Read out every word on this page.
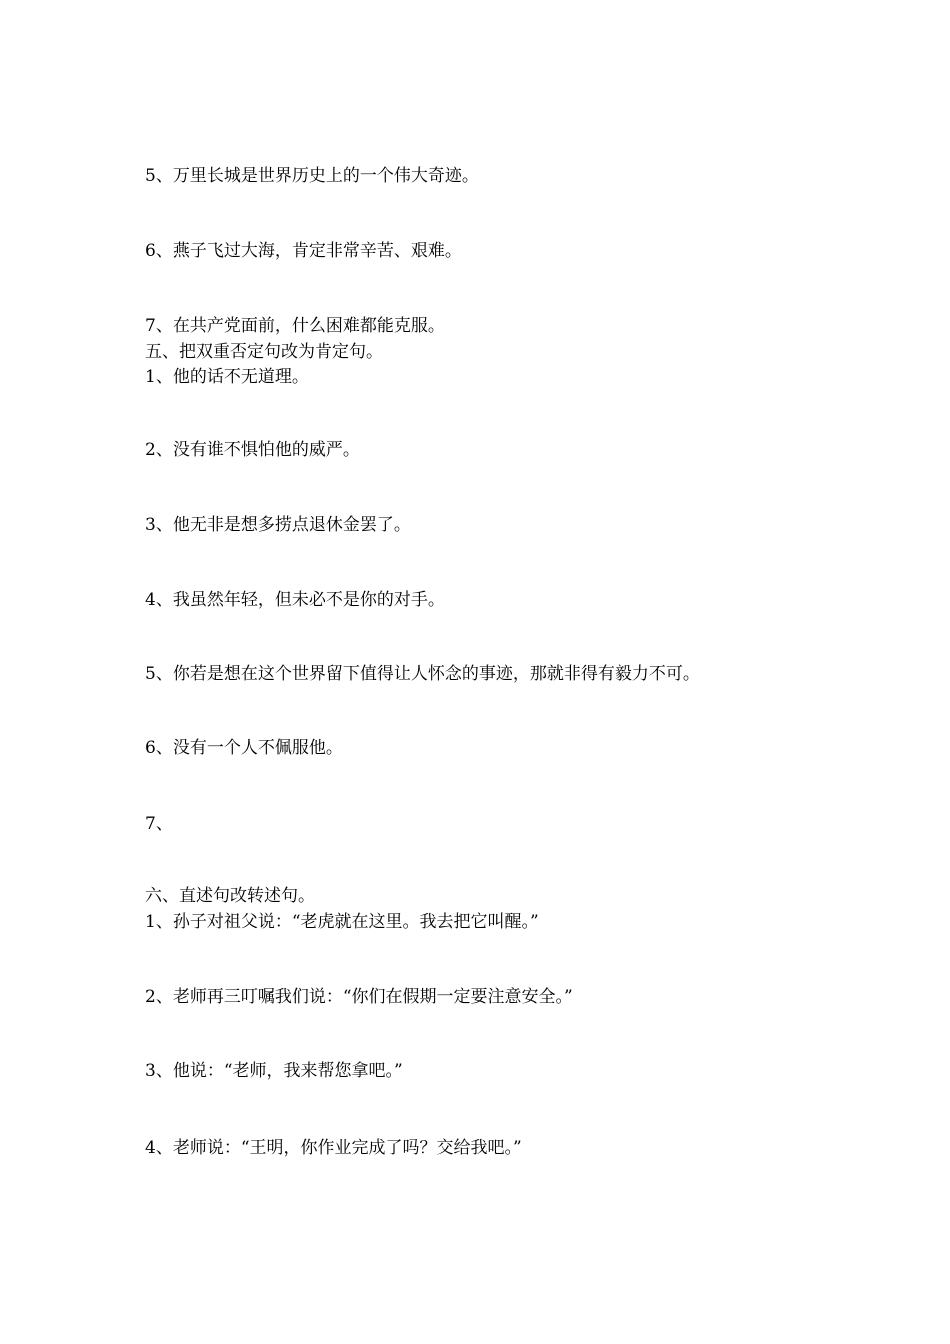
5、万里长城是世界历史上的一个伟大奇迹。

6、燕子飞过大海，肯定非常辛苦、艰难。

7、在共产党面前，什么困难都能克服。

五、把双重否定句改为肯定句。

1、他的话不无道理。

2、没有谁不惧怕他的威严。

3、他无非是想多捞点退休金罢了。

4、我虽然年轻，但未必不是你的对手。

5、你若是想在这个世界留下值得让人怀念的事迹，那就非得有毅力不可。

6、没有一个人不佩服他。

7、

六、直述句改转述句。

1、孙子对祖父说：“老虎就在这里。我去把它叫醒。”

2、老师再三叮嘱我们说：“你们在假期一定要注意安全。”

3、他说：“老师，我来帮您拿吧。”

4、老师说：“王明，你作业完成了吗？交给我吧。”
